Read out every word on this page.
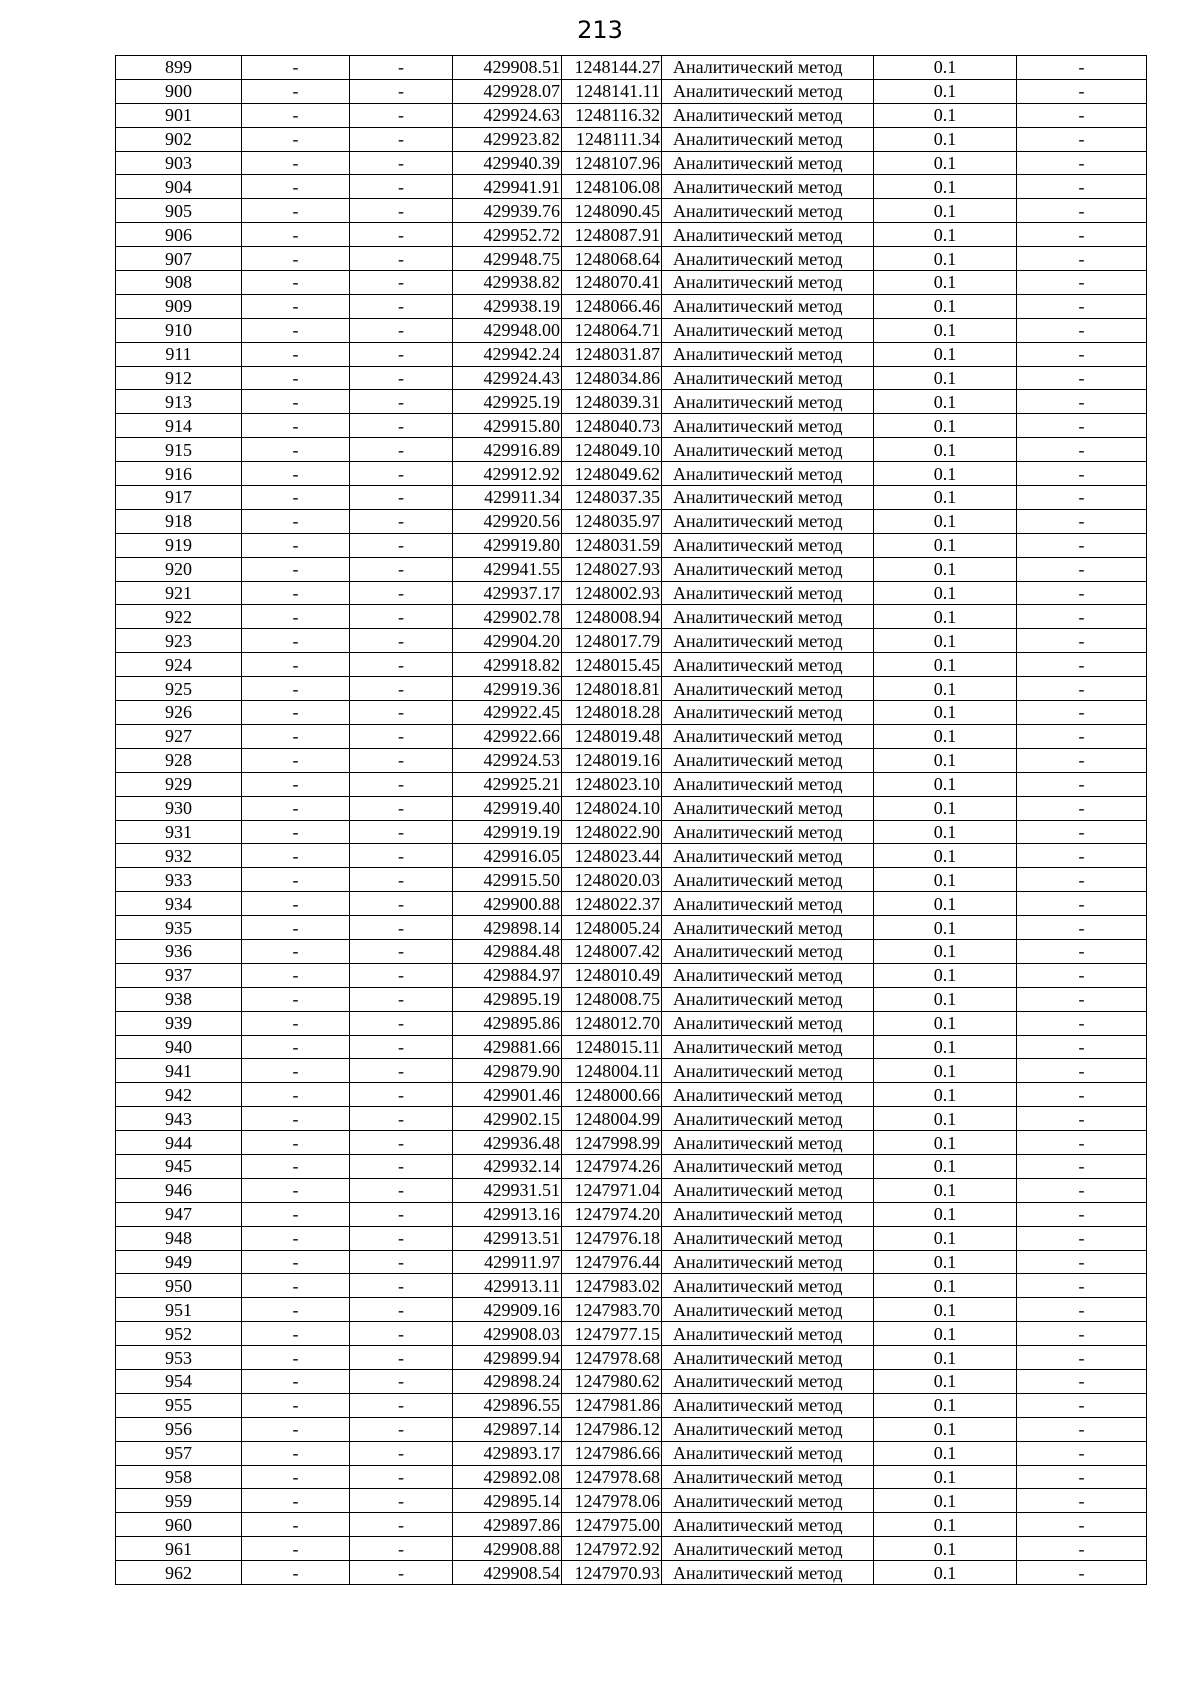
213
899	-	-	429908.51	1248144.27	Аналитический метод	0.1	-
900	-	-	429928.07	1248141.11	Аналитический метод	0.1	-
901	-	-	429924.63	1248116.32	Аналитический метод	0.1	-
902	-	-	429923.82	1248111.34	Аналитический метод	0.1	-
903	-	-	429940.39	1248107.96	Аналитический метод	0.1	-
904	-	-	429941.91	1248106.08	Аналитический метод	0.1	-
905	-	-	429939.76	1248090.45	Аналитический метод	0.1	-
906	-	-	429952.72	1248087.91	Аналитический метод	0.1	-
907	-	-	429948.75	1248068.64	Аналитический метод	0.1	-
908	-	-	429938.82	1248070.41	Аналитический метод	0.1	-
909	-	-	429938.19	1248066.46	Аналитический метод	0.1	-
910	-	-	429948.00	1248064.71	Аналитический метод	0.1	-
911	-	-	429942.24	1248031.87	Аналитический метод	0.1	-
912	-	-	429924.43	1248034.86	Аналитический метод	0.1	-
913	-	-	429925.19	1248039.31	Аналитический метод	0.1	-
914	-	-	429915.80	1248040.73	Аналитический метод	0.1	-
915	-	-	429916.89	1248049.10	Аналитический метод	0.1	-
916	-	-	429912.92	1248049.62	Аналитический метод	0.1	-
917	-	-	429911.34	1248037.35	Аналитический метод	0.1	-
918	-	-	429920.56	1248035.97	Аналитический метод	0.1	-
919	-	-	429919.80	1248031.59	Аналитический метод	0.1	-
920	-	-	429941.55	1248027.93	Аналитический метод	0.1	-
921	-	-	429937.17	1248002.93	Аналитический метод	0.1	-
922	-	-	429902.78	1248008.94	Аналитический метод	0.1	-
923	-	-	429904.20	1248017.79	Аналитический метод	0.1	-
924	-	-	429918.82	1248015.45	Аналитический метод	0.1	-
925	-	-	429919.36	1248018.81	Аналитический метод	0.1	-
926	-	-	429922.45	1248018.28	Аналитический метод	0.1	-
927	-	-	429922.66	1248019.48	Аналитический метод	0.1	-
928	-	-	429924.53	1248019.16	Аналитический метод	0.1	-
929	-	-	429925.21	1248023.10	Аналитический метод	0.1	-
930	-	-	429919.40	1248024.10	Аналитический метод	0.1	-
931	-	-	429919.19	1248022.90	Аналитический метод	0.1	-
932	-	-	429916.05	1248023.44	Аналитический метод	0.1	-
933	-	-	429915.50	1248020.03	Аналитический метод	0.1	-
934	-	-	429900.88	1248022.37	Аналитический метод	0.1	-
935	-	-	429898.14	1248005.24	Аналитический метод	0.1	-
936	-	-	429884.48	1248007.42	Аналитический метод	0.1	-
937	-	-	429884.97	1248010.49	Аналитический метод	0.1	-
938	-	-	429895.19	1248008.75	Аналитический метод	0.1	-
939	-	-	429895.86	1248012.70	Аналитический метод	0.1	-
940	-	-	429881.66	1248015.11	Аналитический метод	0.1	-
941	-	-	429879.90	1248004.11	Аналитический метод	0.1	-
942	-	-	429901.46	1248000.66	Аналитический метод	0.1	-
943	-	-	429902.15	1248004.99	Аналитический метод	0.1	-
944	-	-	429936.48	1247998.99	Аналитический метод	0.1	-
945	-	-	429932.14	1247974.26	Аналитический метод	0.1	-
946	-	-	429931.51	1247971.04	Аналитический метод	0.1	-
947	-	-	429913.16	1247974.20	Аналитический метод	0.1	-
948	-	-	429913.51	1247976.18	Аналитический метод	0.1	-
949	-	-	429911.97	1247976.44	Аналитический метод	0.1	-
950	-	-	429913.11	1247983.02	Аналитический метод	0.1	-
951	-	-	429909.16	1247983.70	Аналитический метод	0.1	-
952	-	-	429908.03	1247977.15	Аналитический метод	0.1	-
953	-	-	429899.94	1247978.68	Аналитический метод	0.1	-
954	-	-	429898.24	1247980.62	Аналитический метод	0.1	-
955	-	-	429896.55	1247981.86	Аналитический метод	0.1	-
956	-	-	429897.14	1247986.12	Аналитический метод	0.1	-
957	-	-	429893.17	1247986.66	Аналитический метод	0.1	-
958	-	-	429892.08	1247978.68	Аналитический метод	0.1	-
959	-	-	429895.14	1247978.06	Аналитический метод	0.1	-
960	-	-	429897.86	1247975.00	Аналитический метод	0.1	-
961	-	-	429908.88	1247972.92	Аналитический метод	0.1	-
962	-	-	429908.54	1247970.93	Аналитический метод	0.1	-
